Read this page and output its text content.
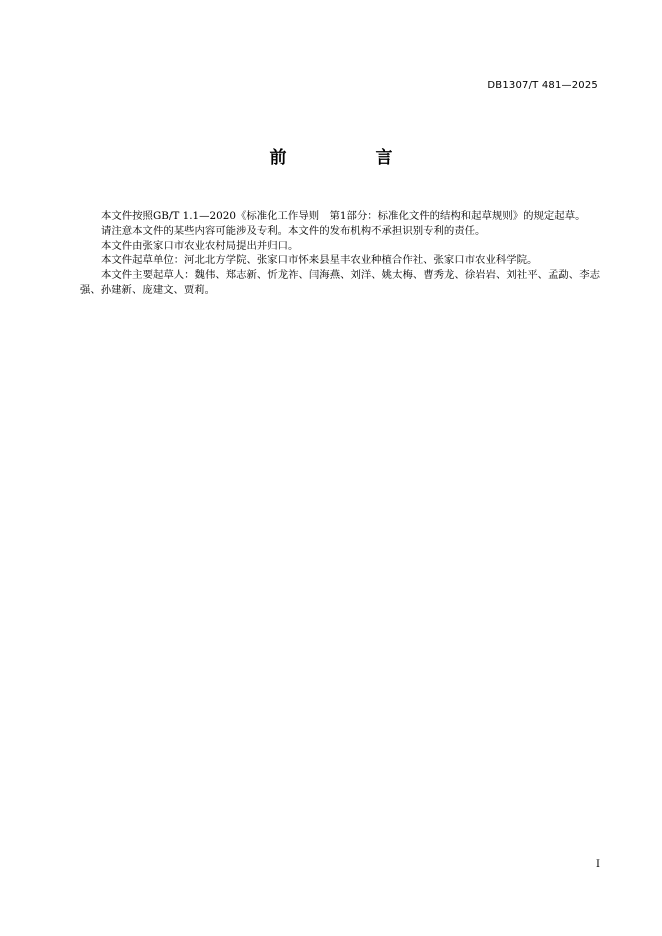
DB1307/T 481—2025
前　言

本文件按照GB/T 1.1—2020《标准化工作导则　第1部分：标准化文件的结构和起草规则》的规定起草。

请注意本文件的某些内容可能涉及专利。本文件的发布机构不承担识别专利的责任。

本文件由张家口市农业农村局提出并归口。

本文件起草单位：河北北方学院、张家口市怀来县星丰农业种植合作社、张家口市农业科学院。

本文件主要起草人：魏伟、郑志新、忻龙祚、闫海燕、刘洋、姚太梅、曹秀龙、徐岩岩、刘社平、孟勐、李志强、孙建新、庞建文、贾莉。

I
